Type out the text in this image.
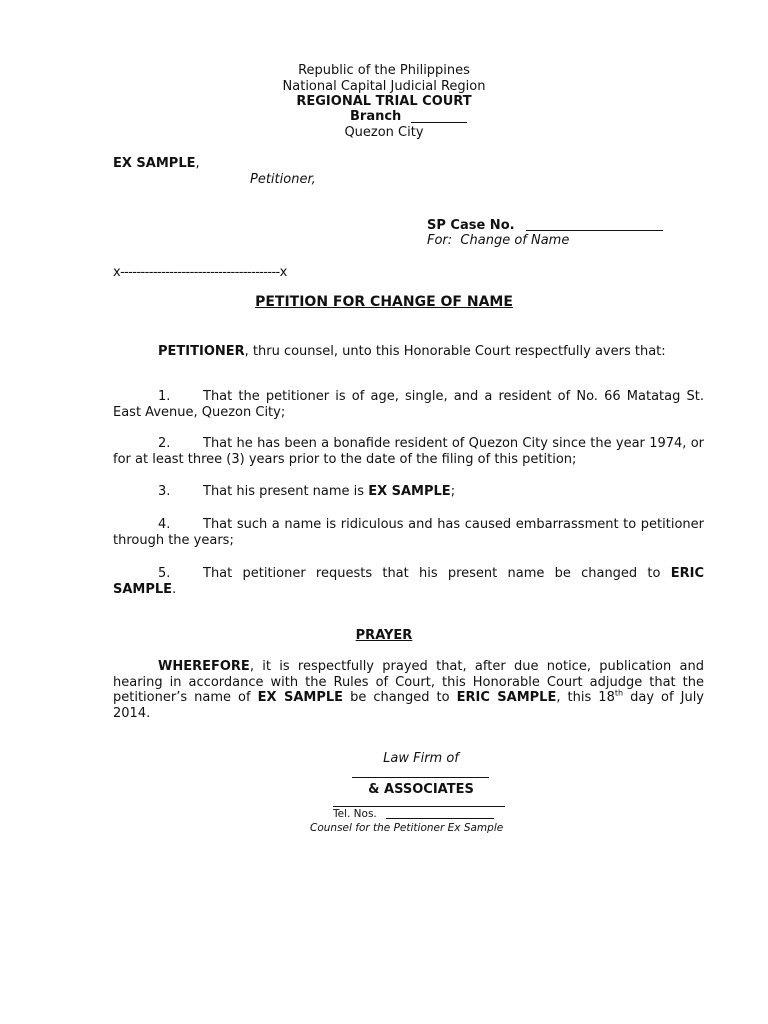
Republic of the Philippines
National Capital Judicial Region
REGIONAL TRIAL COURT
Branch
Quezon City
EX SAMPLE,
Petitioner,
SP Case No.
For: Change of Name
x---------------------------------------x
PETITION FOR CHANGE OF NAME
PETITIONER, thru counsel, unto this Honorable Court respectfully avers that:
1.	That the petitioner is of age, single, and a resident of No. 66 Matatag St. East Avenue, Quezon City;
2.	That he has been a bonafide resident of Quezon City since the year 1974, or for at least three (3) years prior to the date of the filing of this petition;
3.	That his present name is EX SAMPLE;
4.	That such a name is ridiculous and has caused embarrassment to petitioner through the years;
5.	That petitioner requests that his present name be changed to ERIC SAMPLE.
PRAYER
WHEREFORE, it is respectfully prayed that, after due notice, publication and hearing in accordance with the Rules of Court, this Honorable Court adjudge that the petitioner’s name of EX SAMPLE be changed to ERIC SAMPLE, this 18th day of July 2014.
Law Firm of
& ASSOCIATES
Tel. Nos.
Counsel for the Petitioner Ex Sample
